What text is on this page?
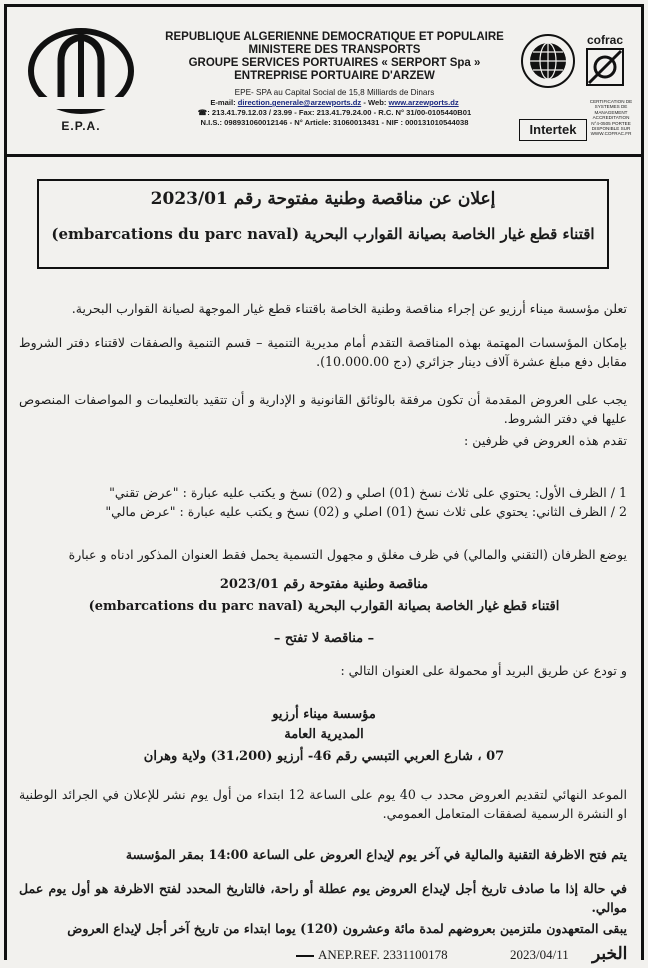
E.P.A.
REPUBLIQUE ALGERIENNE DEMOCRATIQUE ET POPULAIRE
MINISTERE DES TRANSPORTS
GROUPE SERVICES PORTUAIRES « SERPORT Spa »
ENTREPRISE PORTUAIRE D'ARZEW
EPE- SPA au Capital Social de 15,8 Milliards de Dinars
E-mail: direction.generale@arzewports.dz - Web: www.arzewports.dz
☎: 213.41.79.12.03 / 23.99 - Fax: 213.41.79.24.00 - R.C. N° 31/00-0105440B01
N.I.S.: 098931060012146 - N° Article: 31060013431 - NIF : 000131010544038
cofrac
CERTIFICATION DE SYSTEMES DE MANAGEMENT ACCREDITATION N°4-0505 PORTEE DISPONIBLE SUR WWW.COFRAC.FR
Intertek
إعلان عن مناقصة وطنية مفتوحة رقم 2023/01
اقتناء قطع غيار الخاصة بصيانة القوارب البحرية (embarcations du parc naval)
تعلن مؤسسة ميناء أرزيو عن إجراء مناقصة وطنية الخاصة باقتناء قطع غيار الموجهة لصيانة القوارب البحرية.
بإمكان المؤسسات المهتمة بهذه المناقصة التقدم أمام مديرية التنمية – قسم التنمية والصفقات لاقتناء دفتر الشروط مقابل دفع مبلغ عشرة آلاف دينار جزائري (دج 10.000.00).
يجب على العروض المقدمة أن تكون مرفقة بالوثائق القانونية و الإدارية و أن تتقيد بالتعليمات و المواصفات المنصوص عليها في دفتر الشروط.
تقدم هذه العروض في ظرفين :
1 / الظرف الأول: يحتوي على ثلاث نسخ (01) اصلي و (02) نسخ و يكتب عليه عبارة : "عرض تقني"
2 / الظرف الثاني: يحتوي على ثلاث نسخ (01) اصلي و (02) نسخ و يكتب عليه عبارة : "عرض مالي"
يوضع الظرفان (التقني والمالي) في ظرف مغلق و مجهول التسمية يحمل فقط العنوان المذكور ادناه و عبارة
مناقصة وطنية مفتوحة رقم 2023/01
اقتناء قطع غيار الخاصة بصيانة القوارب البحرية (embarcations du parc naval)
– مناقصة لا تفتح –
و تودع عن طريق البريد أو محمولة على العنوان التالي :
مؤسسة ميناء أرزيو
المديرية العامة
07 ، شارع العربي التبسي رقم 46- أرزيو (31،200) ولاية وهران
الموعد النهائي لتقديم العروض محدد ب 40 يوم على الساعة 12 ابتداء من أول يوم نشر للإعلان في الجرائد الوطنية او النشرة الرسمية لصفقات المتعامل العمومي.
يتم فتح الاظرفة التقنية والمالية في آخر يوم لإيداع العروض على الساعة 14:00 بمقر المؤسسة
في حالة إذا ما صادف تاريخ أجل لإيداع العروض يوم عطلة أو راحة، فالتاريخ المحدد لفتح الاظرفة هو أول يوم عمل موالي.
يبقى المتعهدون ملتزمين بعروضهم لمدة مائة وعشرون (120) يوما ابتداء من تاريخ آخر أجل لإيداع العروض
ANEP.REF. 2331100178	2023/04/11 الخبر
